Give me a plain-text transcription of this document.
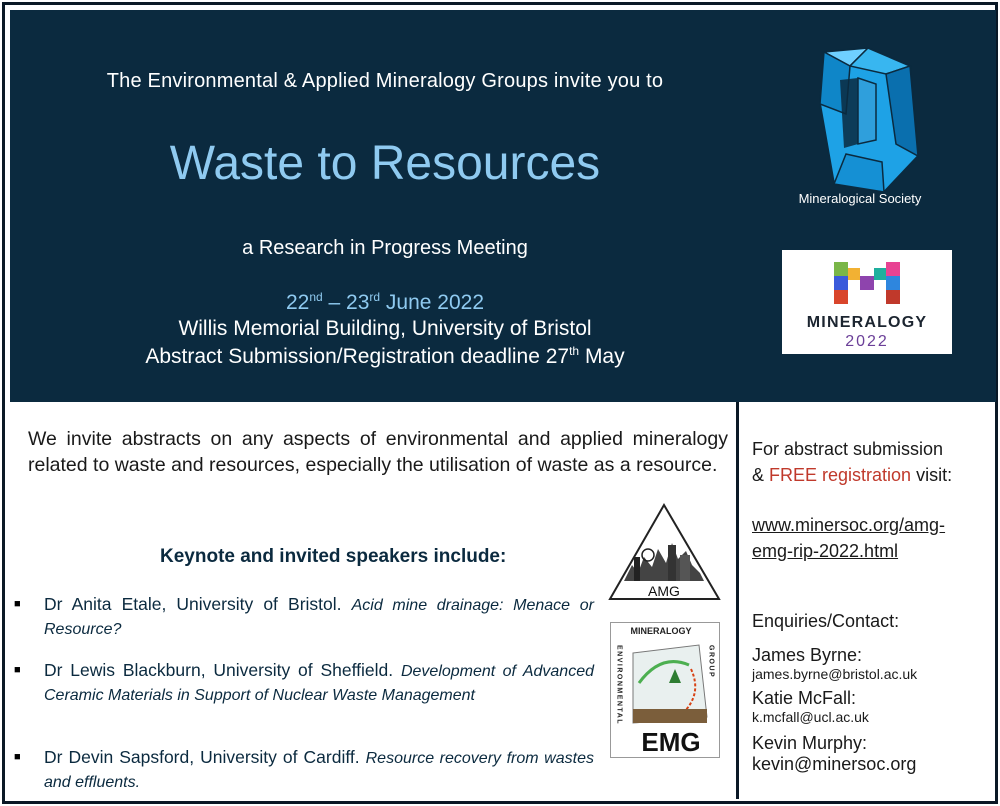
The Environmental & Applied Mineralogy Groups invite you to
Waste to Resources
a Research in Progress Meeting
22nd – 23rd June 2022
Willis Memorial Building, University of Bristol
Abstract Submission/Registration deadline 27th May
Mineralogical Society
MINERALOGY
2022
We invite abstracts on any aspects of environmental and applied mineralogy related to waste and resources, especially the utilisation of waste as a resource.
Keynote and invited speakers include:
■ Dr Anita Etale, University of Bristol. Acid mine drainage: Menace or Resource?
■ Dr Lewis Blackburn, University of Sheffield. Development of Advanced Ceramic Materials in Support of Nuclear Waste Management
■ Dr Devin Sapsford, University of Cardiff. Resource recovery from wastes and effluents.
AMG
MINERALOGY
ENVIRONMENTAL	GROUP
EMG
For abstract submission
& FREE registration visit:
www.minersoc.org/amg-
emg-rip-2022.html
Enquiries/Contact:
James Byrne:
james.byrne@bristol.ac.uk
Katie McFall:
k.mcfall@ucl.ac.uk
Kevin Murphy:
kevin@minersoc.org
